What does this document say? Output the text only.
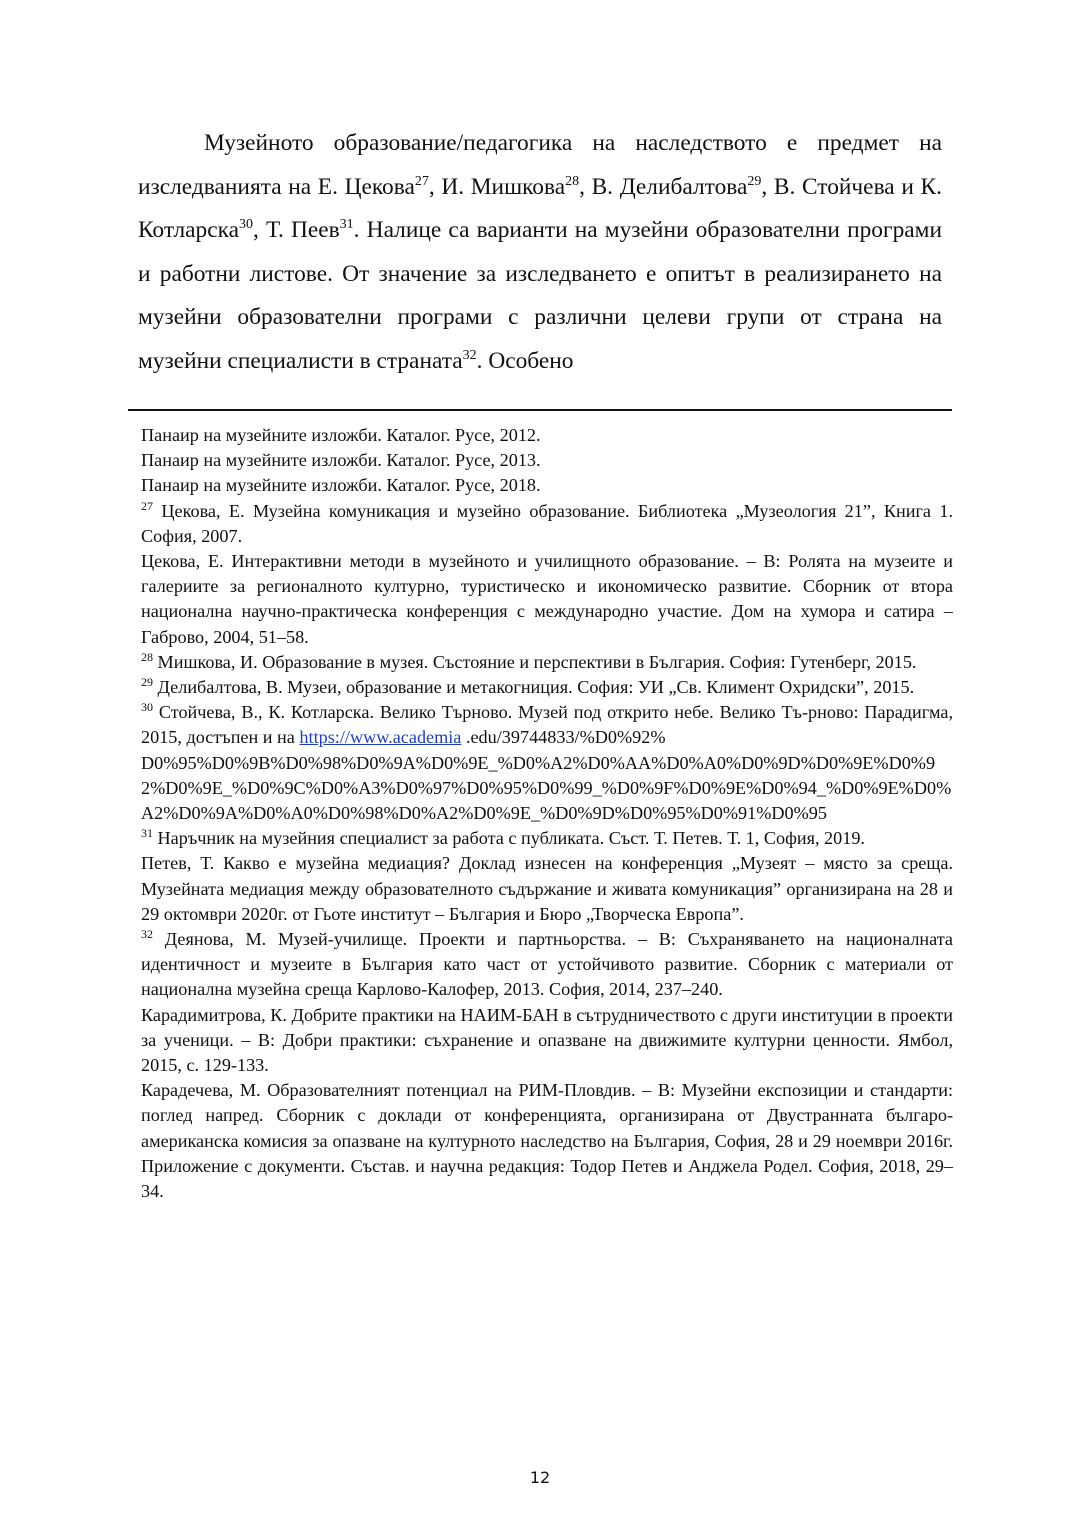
Музейното образование/педагогика на наследството е предмет на изследванията на Е. Цекова$^{27}$, И. Мишкова$^{28}$, В. Делибалтова$^{29}$, В. Стойчева и К. Котларска$^{30}$, Т. Пеев$^{31}$. Налице са варианти на музейни образователни програми и работни листове. От значение за изследването е опитът в реализирането на музейни образователни програми с различни целеви групи от страна на музейни специалисти в страната$^{32}$. Особено

Панаир на музейните изложби. Каталог. Русе, 2012.

Панаир на музейните изложби. Каталог. Русе, 2013.

Панаир на музейните изложби. Каталог. Русе, 2018.

$^{27}$ Цекова, Е. Музейна комуникация и музейно образование. Библиотека „Музеология 21”, Книга 1. София, 2007.

Цекова, Е. Интерактивни методи в музейното и училищното образование. – В: Ролята на музеите и галериите за регионалното културно, туристическо и икономическо развитие. Сборник от втора национална научно-практическа конференция с международно участие. Дом на хумора и сатира – Габрово, 2004, 51–58.

$^{28}$ Мишкова, И. Образование в музея. Състояние и перспективи в България. София: Гутенберг, 2015.

$^{29}$ Делибалтова, В. Музеи, образование и метакогниция. София: УИ „Св. Климент Охридски”, 2015.

$^{30}$ Стойчева, В., К. Котларска. Велико Търново. Музей под открито небе. Велико Тъ-рново: Парадигма, 2015, достъпен и на https://www.academia .edu/39744833/%D0%92%

D0%95%D0%9B%D0%98%D0%9A%D0%9E_%D0%A2%D0%AA%D0%A0%D0%9D%D0%9E%D0%92%D0%9E_%D0%9C%D0%A3%D0%97%D0%95%D0%99_%D0%9F%D0%9E%D0%94_%D0%9E%D0%A2%D0%9A%D0%A0%D0%98%D0%A2%D0%9E_%D0%9D%D0%95%D0%91%D0%95

$^{31}$ Наръчник на музейния специалист за работа с публиката. Съст. Т. Петев. Т. 1, София, 2019.

Петев, Т. Какво е музейна медиация? Доклад изнесен на конференция „Музеят – място за среща. Музейната медиация между образователното съдържание и живата комуникация” организирана на 28 и 29 октомври 2020г. от Гьоте институт – България и Бюро „Творческа Европа”.

$^{32}$ Деянова, М. Музей-училище. Проекти и партньорства. – В: Съхраняването на националната идентичност и музеите в България като част от устойчивото развитие. Сборник с материали от национална музейна среща Карлово-Калофер, 2013. София, 2014, 237–240.

Карадимитрова, К. Добрите практики на НАИМ-БАН в сътрудничеството с други институции в проекти за ученици. – В: Добри практики: съхранение и опазване на движимите културни ценности. Ямбол, 2015, с. 129-133.

Карадечева, М. Образователният потенциал на РИМ-Пловдив. – В: Музейни експозиции и стандарти: поглед напред. Сборник с доклади от конференцията, организирана от Двустранната българо-американска комисия за опазване на културното наследство на България, София, 28 и 29 ноември 2016г. Приложение с документи. Състав. и научна редакция: Тодор Петев и Анджела Родел. София, 2018, 29–34.

12
